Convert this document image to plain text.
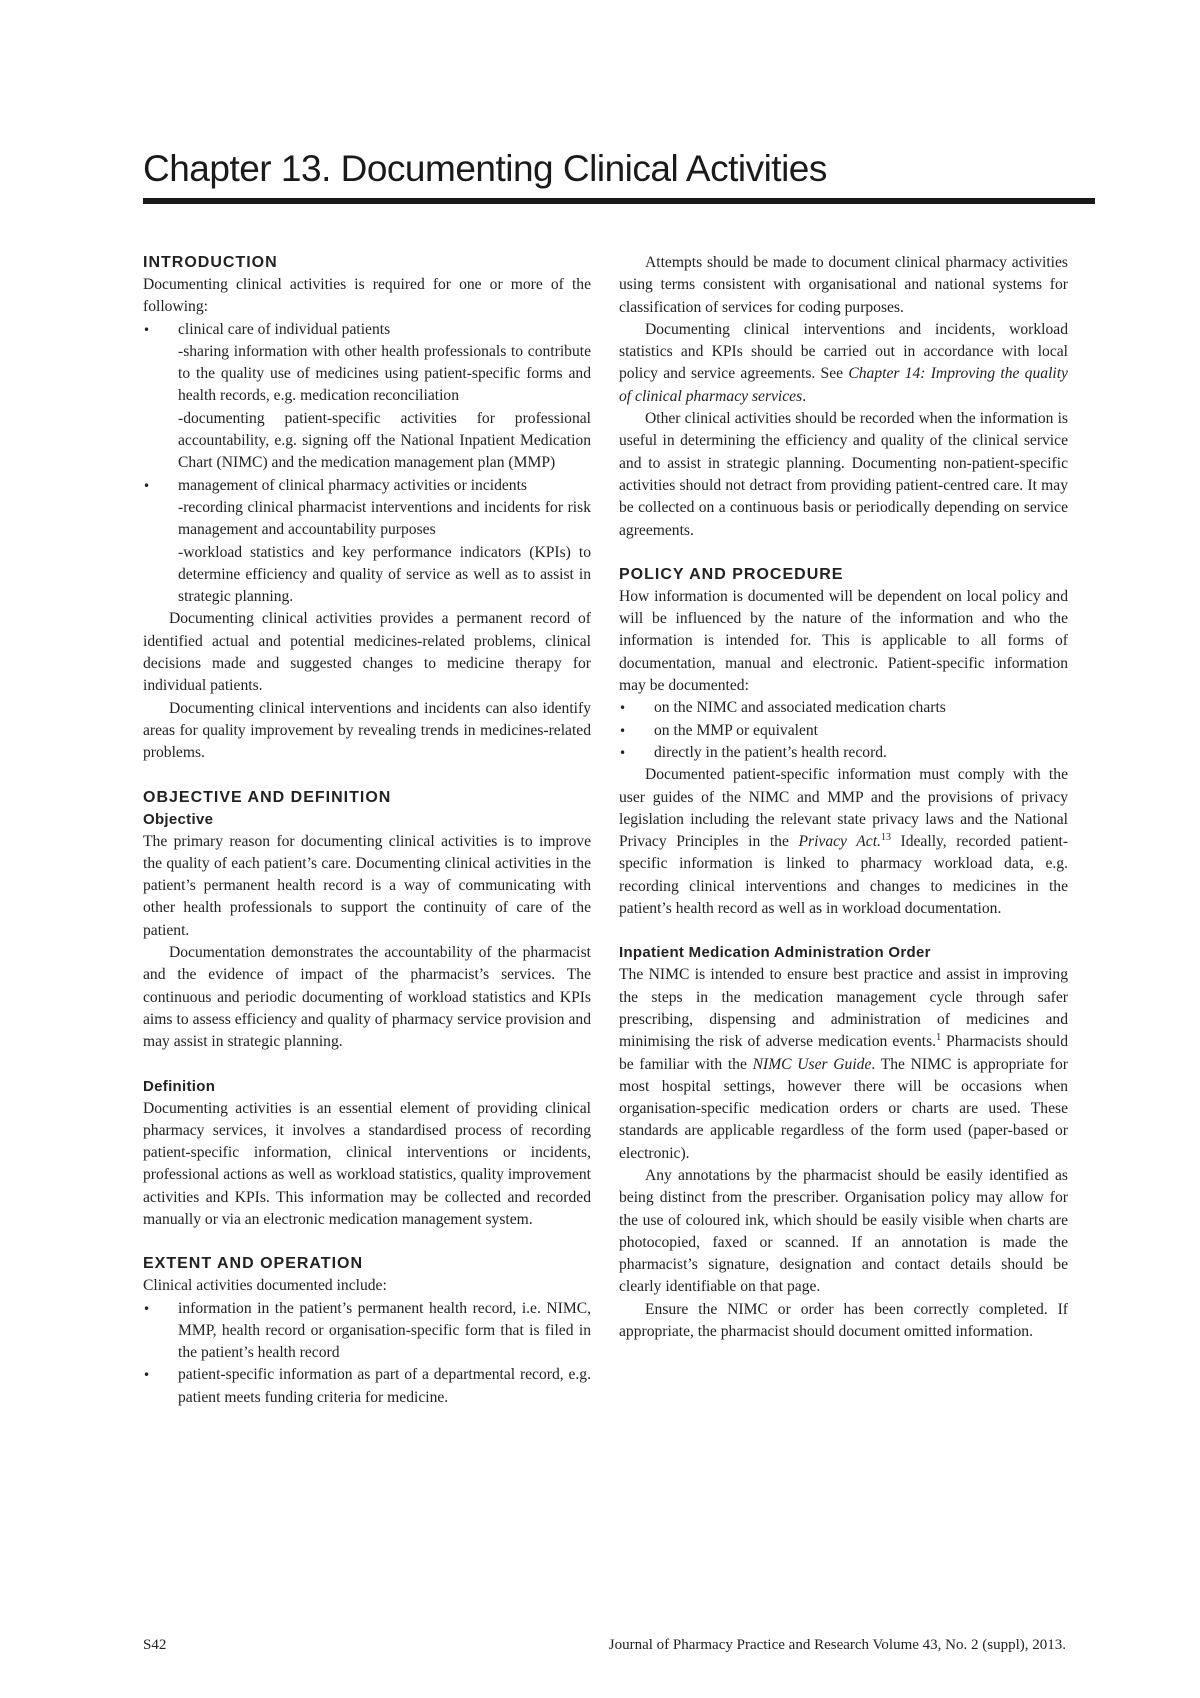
Chapter 13. Documenting Clinical Activities
INTRODUCTION

Documenting clinical activities is required for one or more of the following:

• clinical care of individual patients

-sharing information with other health professionals to contribute to the quality use of medicines using patient-specific forms and health records, e.g. medication reconciliation

-documenting patient-specific activities for professional accountability, e.g. signing off the National Inpatient Medication Chart (NIMC) and the medication management plan (MMP)

• management of clinical pharmacy activities or incidents

-recording clinical pharmacist interventions and incidents for risk management and accountability purposes

-workload statistics and key performance indicators (KPIs) to determine efficiency and quality of service as well as to assist in strategic planning.

Documenting clinical activities provides a permanent record of identified actual and potential medicines-related problems, clinical decisions made and suggested changes to medicine therapy for individual patients.

Documenting clinical interventions and incidents can also identify areas for quality improvement by revealing trends in medicines-related problems.

OBJECTIVE AND DEFINITION
Objective

The primary reason for documenting clinical activities is to improve the quality of each patient’s care. Documenting clinical activities in the patient’s permanent health record is a way of communicating with other health professionals to support the continuity of care of the patient.

Documentation demonstrates the accountability of the pharmacist and the evidence of impact of the pharmacist’s services. The continuous and periodic documenting of workload statistics and KPIs aims to assess efficiency and quality of pharmacy service provision and may assist in strategic planning.

Definition

Documenting activities is an essential element of providing clinical pharmacy services, it involves a standardised process of recording patient-specific information, clinical interventions or incidents, professional actions as well as workload statistics, quality improvement activities and KPIs. This information may be collected and recorded manually or via an electronic medication management system.

EXTENT AND OPERATION

Clinical activities documented include:

• information in the patient’s permanent health record, i.e. NIMC, MMP, health record or organisation-specific form that is filed in the patient’s health record

• patient-specific information as part of a departmental record, e.g. patient meets funding criteria for medicine.

Attempts should be made to document clinical pharmacy activities using terms consistent with organisational and national systems for classification of services for coding purposes.

Documenting clinical interventions and incidents, workload statistics and KPIs should be carried out in accordance with local policy and service agreements. See Chapter 14: Improving the quality of clinical pharmacy services.

Other clinical activities should be recorded when the information is useful in determining the efficiency and quality of the clinical service and to assist in strategic planning. Documenting non-patient-specific activities should not detract from providing patient-centred care. It may be collected on a continuous basis or periodically depending on service agreements.

POLICY AND PROCEDURE

How information is documented will be dependent on local policy and will be influenced by the nature of the information and who the information is intended for. This is applicable to all forms of documentation, manual and electronic. Patient-specific information may be documented:

• on the NIMC and associated medication charts

• on the MMP or equivalent

• directly in the patient’s health record.

Documented patient-specific information must comply with the user guides of the NIMC and MMP and the provisions of privacy legislation including the relevant state privacy laws and the National Privacy Principles in the Privacy Act.$^{13}$ Ideally, recorded patient-specific information is linked to pharmacy workload data, e.g. recording clinical interventions and changes to medicines in the patient’s health record as well as in workload documentation.

Inpatient Medication Administration Order

The NIMC is intended to ensure best practice and assist in improving the steps in the medication management cycle through safer prescribing, dispensing and administration of medicines and minimising the risk of adverse medication events.$^1$ Pharmacists should be familiar with the NIMC User Guide. The NIMC is appropriate for most hospital settings, however there will be occasions when organisation-specific medication orders or charts are used. These standards are applicable regardless of the form used (paper-based or electronic).

Any annotations by the pharmacist should be easily identified as being distinct from the prescriber. Organisation policy may allow for the use of coloured ink, which should be easily visible when charts are photocopied, faxed or scanned. If an annotation is made the pharmacist’s signature, designation and contact details should be clearly identifiable on that page.

Ensure the NIMC or order has been correctly completed. If appropriate, the pharmacist should document omitted information.

S42	Journal of Pharmacy Practice and Research Volume 43, No. 2 (suppl), 2013.
